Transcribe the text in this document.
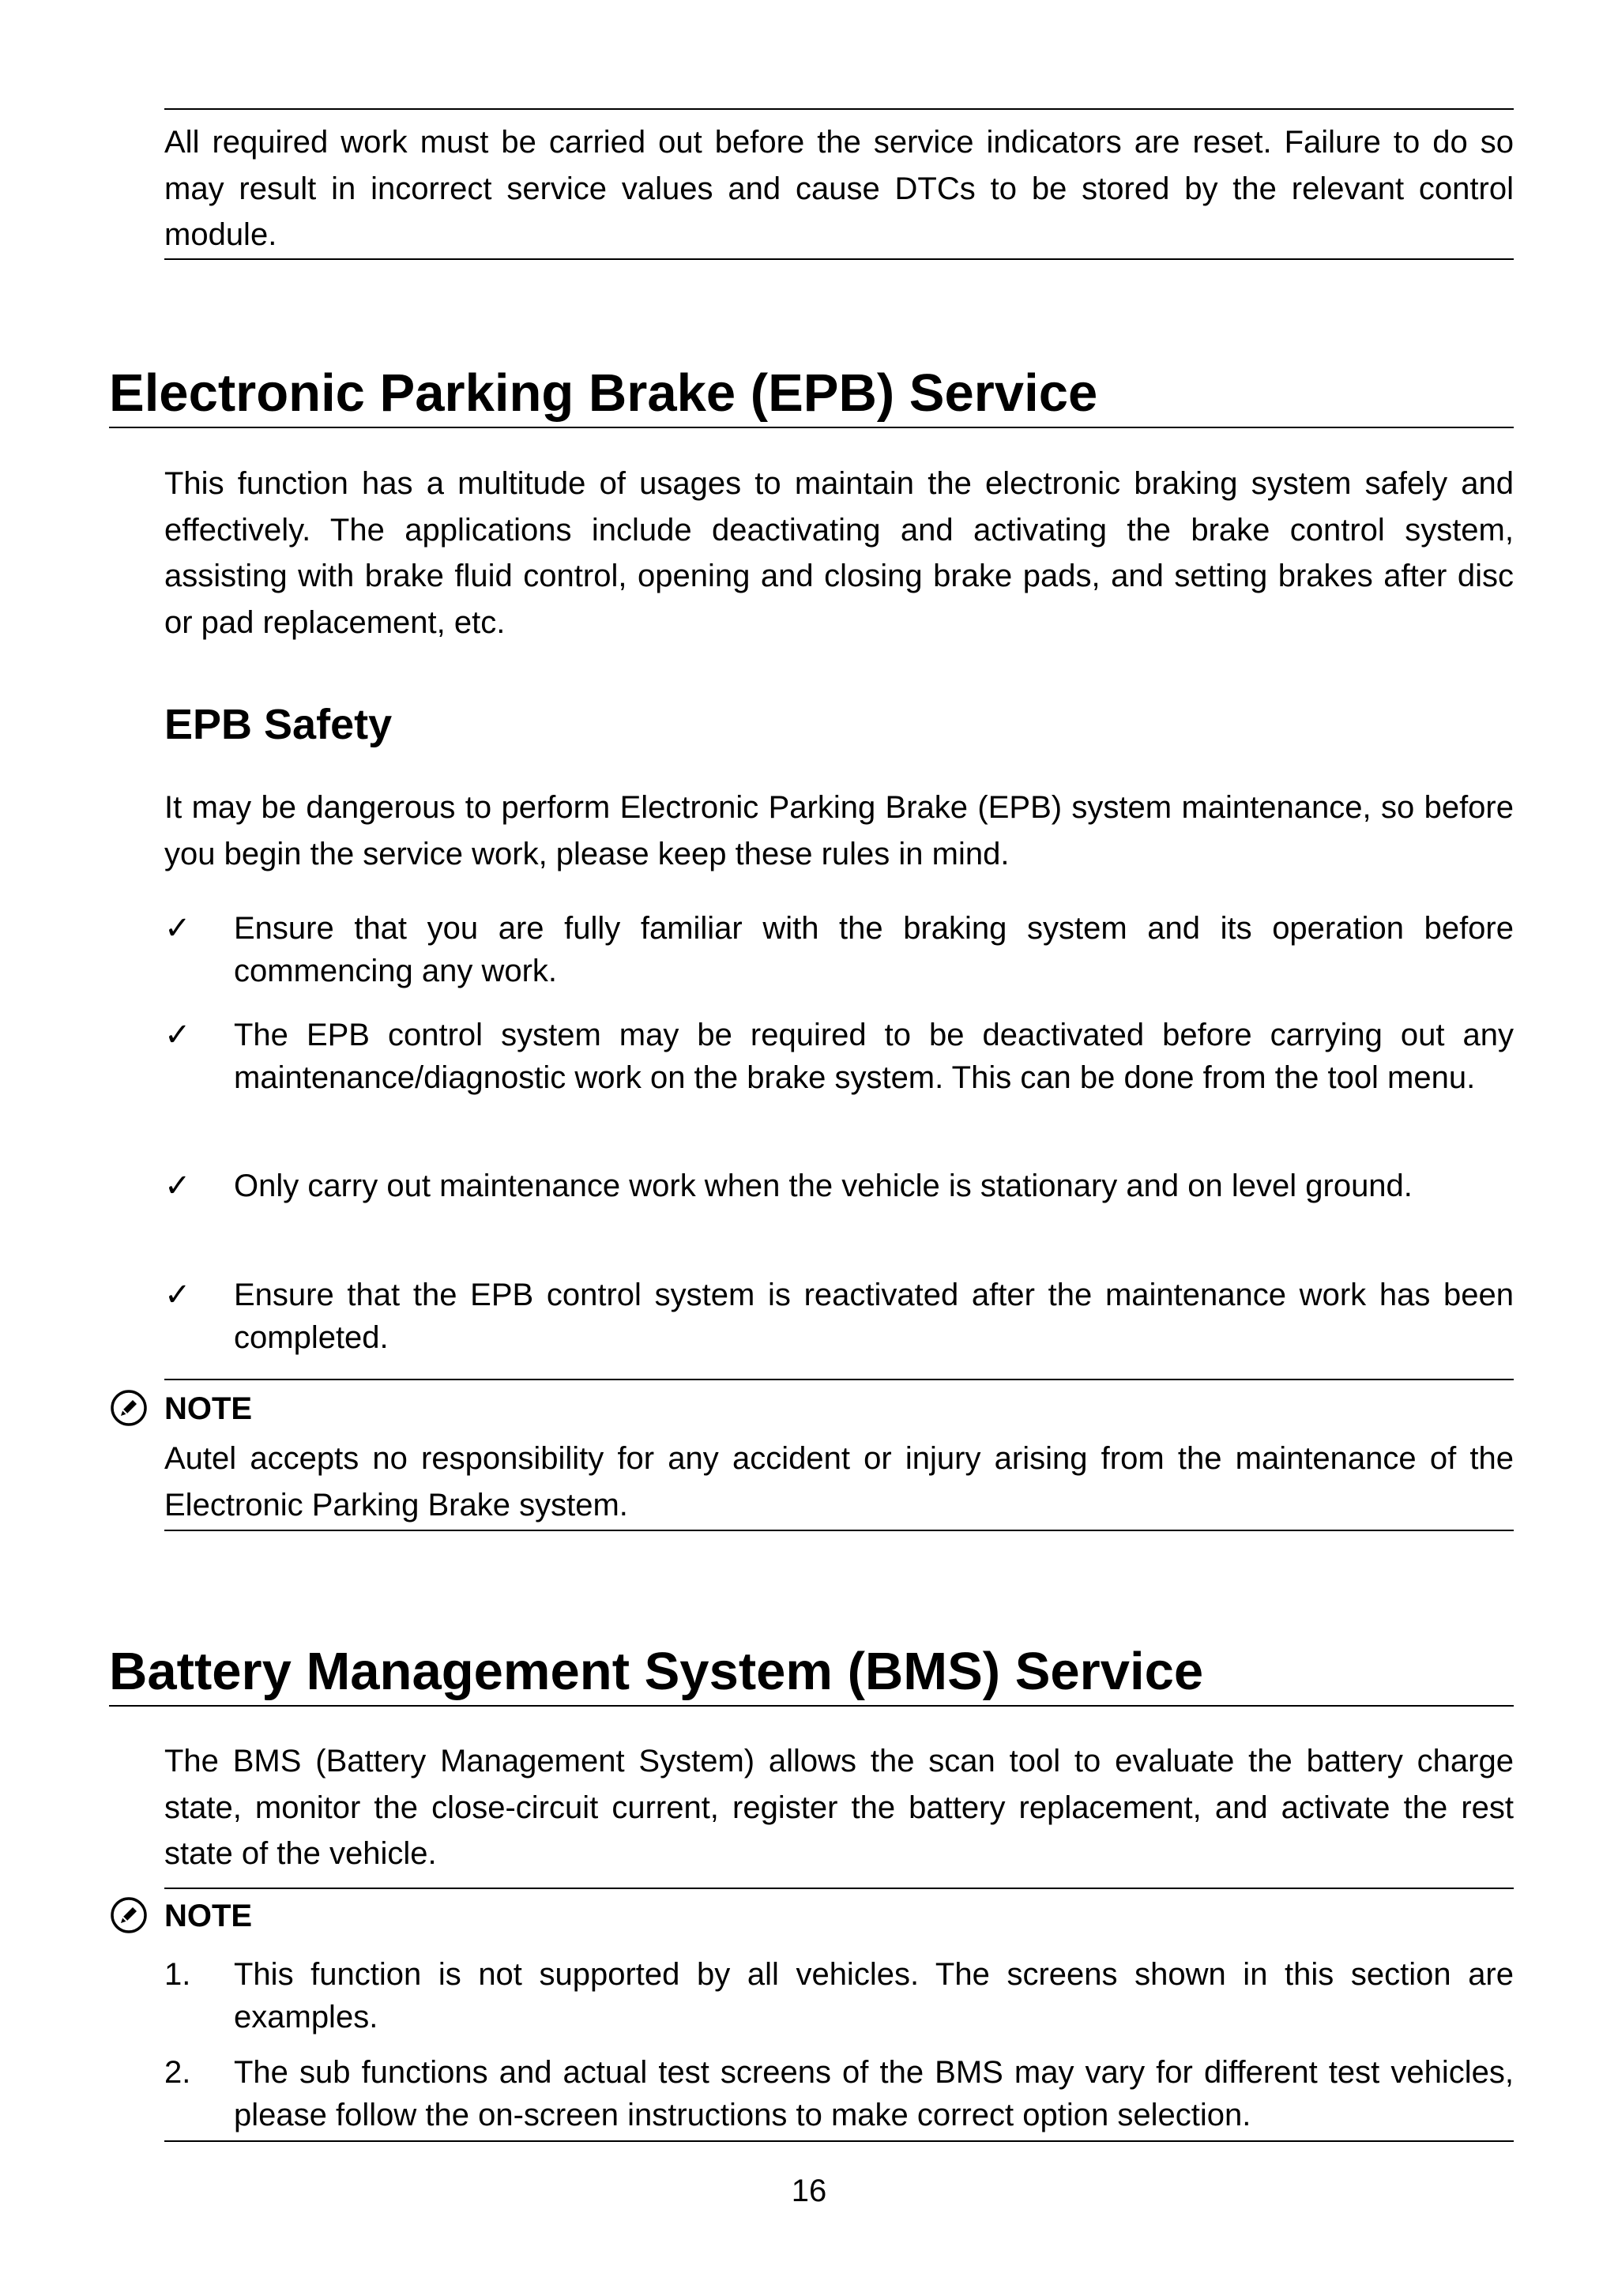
All required work must be carried out before the service indicators are reset. Failure to do so may result in incorrect service values and cause DTCs to be stored by the relevant control module.

Electronic Parking Brake (EPB) Service

This function has a multitude of usages to maintain the electronic braking system safely and effectively. The applications include deactivating and activating the brake control system, assisting with brake fluid control, opening and closing brake pads, and setting brakes after disc or pad replacement, etc.

EPB Safety

It may be dangerous to perform Electronic Parking Brake (EPB) system maintenance, so before you begin the service work, please keep these rules in mind.

✓ Ensure that you are fully familiar with the braking system and its operation before commencing any work.

✓ The EPB control system may be required to be deactivated before carrying out any maintenance/diagnostic work on the brake system. This can be done from the tool menu.

✓ Only carry out maintenance work when the vehicle is stationary and on level ground.

✓ Ensure that the EPB control system is reactivated after the maintenance work has been completed.

NOTE

Autel accepts no responsibility for any accident or injury arising from the maintenance of the Electronic Parking Brake system.

Battery Management System (BMS) Service

The BMS (Battery Management System) allows the scan tool to evaluate the battery charge state, monitor the close-circuit current, register the battery replacement, and activate the rest state of the vehicle.

NOTE
1. This function is not supported by all vehicles. The screens shown in this section are examples.

2. The sub functions and actual test screens of the BMS may vary for different test vehicles, please follow the on-screen instructions to make correct option selection.

16
